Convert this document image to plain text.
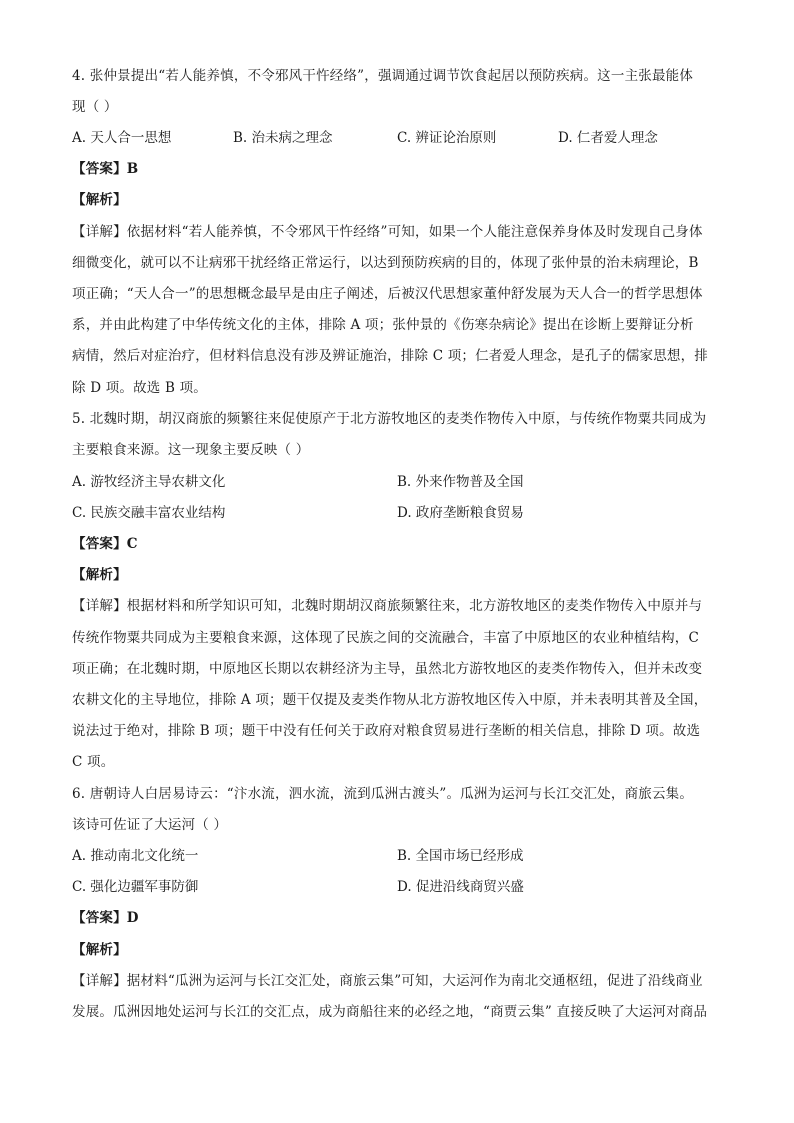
4. 张仲景提出“若人能养慎，不令邪风干忤经络”，强调通过调节饮食起居以预防疾病。这一主张最能体
现（ ）
A. 天人合一思想	B. 治未病之理念	C. 辨证论治原则	D. 仁者爱人理念
【答案】B
【解析】
【详解】依据材料“若人能养慎，不令邪风干忤经络”可知，如果一个人能注意保养身体及时发现自己身体
细微变化，就可以不让病邪干扰经络正常运行，以达到预防疾病的目的，体现了张仲景的治未病理论，B
项正确；“天人合一”的思想概念最早是由庄子阐述，后被汉代思想家董仲舒发展为天人合一的哲学思想体
系，并由此构建了中华传统文化的主体，排除 A 项；张仲景的《伤寒杂病论》提出在诊断上要辩证分析
病情，然后对症治疗，但材料信息没有涉及辨证施治，排除 C 项；仁者爱人理念，是孔子的儒家思想，排
除 D 项。故选 B 项。
5. 北魏时期，胡汉商旅的频繁往来促使原产于北方游牧地区的麦类作物传入中原，与传统作物粟共同成为
主要粮食来源。这一现象主要反映（ ）
A. 游牧经济主导农耕文化	B. 外来作物普及全国
C. 民族交融丰富农业结构	D. 政府垄断粮食贸易
【答案】C
【解析】
【详解】根据材料和所学知识可知，北魏时期胡汉商旅频繁往来，北方游牧地区的麦类作物传入中原并与
传统作物粟共同成为主要粮食来源，这体现了民族之间的交流融合，丰富了中原地区的农业种植结构，C
项正确；在北魏时期，中原地区长期以农耕经济为主导，虽然北方游牧地区的麦类作物传入，但并未改变
农耕文化的主导地位，排除 A 项；题干仅提及麦类作物从北方游牧地区传入中原，并未表明其普及全国，
说法过于绝对，排除 B 项；题干中没有任何关于政府对粮食贸易进行垄断的相关信息，排除 D 项。故选
C 项。
6. 唐朝诗人白居易诗云：“汴水流，泗水流，流到瓜洲古渡头”。瓜洲为运河与长江交汇处，商旅云集。
该诗可佐证了大运河（ ）
A. 推动南北文化统一	B. 全国市场已经形成
C. 强化边疆军事防御	D. 促进沿线商贸兴盛
【答案】D
【解析】
【详解】据材料“瓜洲为运河与长江交汇处，商旅云集”可知，大运河作为南北交通枢纽，促进了沿线商业
发展。瓜洲因地处运河与长江的交汇点，成为商船往来的必经之地，“商贾云集” 直接反映了大运河对商品
